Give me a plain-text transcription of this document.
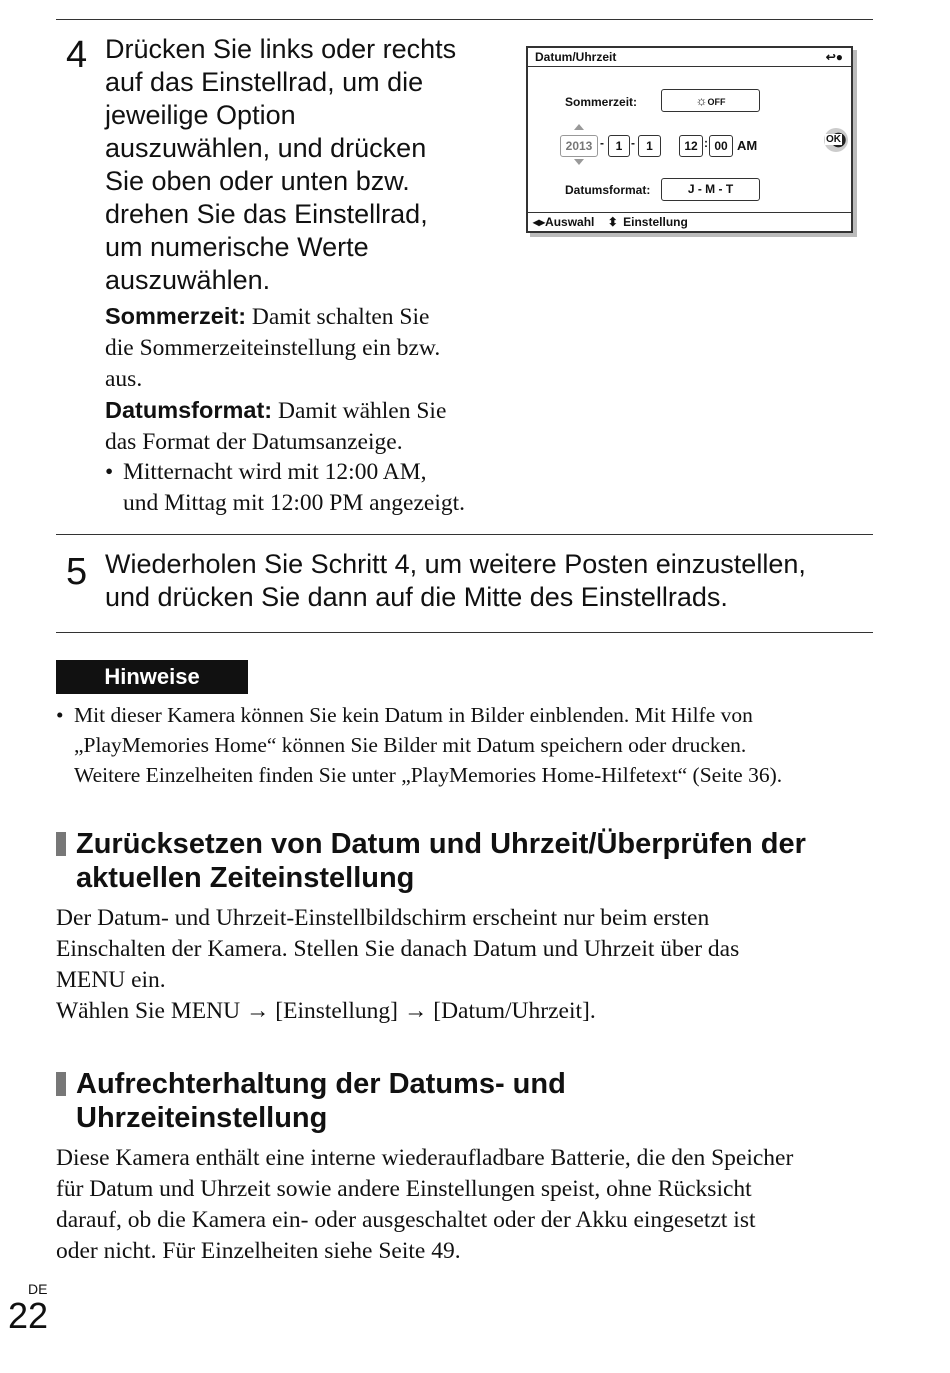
4 Drücken Sie links oder rechts
auf das Einstellrad, um die
jeweilige Option
auszuwählen, und drücken
Sie oben oder unten bzw.
drehen Sie das Einstellrad,
um numerische Werte
auszuwählen.
Sommerzeit: Damit schalten Sie
die Sommerzeiteinstellung ein bzw.
aus.
Datumsformat: Damit wählen Sie
das Format der Datumsanzeige.
• Mitternacht wird mit 12:00 AM,
und Mittag mit 12:00 PM angezeigt.
Datum/Uhrzeit	↩●
Sommerzeit:	☼OFF
2013 - 1 - 1	12 : 00 AM	OK
Datumsformat:	J - M - T
◂▸Auswahl ⬍ Einstellung
5 Wiederholen Sie Schritt 4, um weitere Posten einzustellen,
und drücken Sie dann auf die Mitte des Einstellrads.
Hinweise
• Mit dieser Kamera können Sie kein Datum in Bilder einblenden. Mit Hilfe von
„PlayMemories Home“ können Sie Bilder mit Datum speichern oder drucken.
Weitere Einzelheiten finden Sie unter „PlayMemories Home-Hilfetext“ (Seite 36).
Zurücksetzen von Datum und Uhrzeit/Überprüfen der
aktuellen Zeiteinstellung
Der Datum- und Uhrzeit-Einstellbildschirm erscheint nur beim ersten
Einschalten der Kamera. Stellen Sie danach Datum und Uhrzeit über das
MENU ein.
Wählen Sie MENU → [Einstellung] → [Datum/Uhrzeit].
Aufrechterhaltung der Datums- und
Uhrzeiteinstellung
Diese Kamera enthält eine interne wiederaufladbare Batterie, die den Speicher
für Datum und Uhrzeit sowie andere Einstellungen speist, ohne Rücksicht
darauf, ob die Kamera ein- oder ausgeschaltet oder der Akku eingesetzt ist
oder nicht. Für Einzelheiten siehe Seite 49.
DE
22
